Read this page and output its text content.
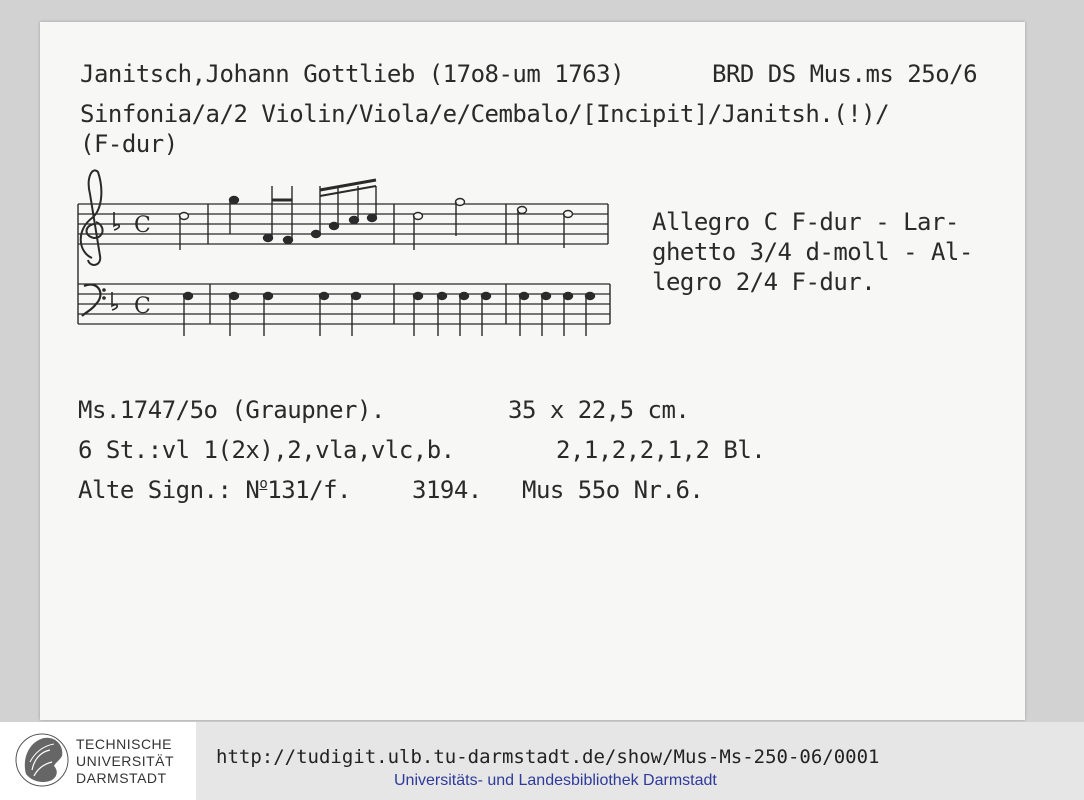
Janitsch,Johann Gottlieb (17o8-um 1763)	BRD DS Mus.ms 25o/6
Sinfonia/a/2 Violin/Viola/e/Cembalo/[Incipit]/Janitsh.(!)/
(F-dur)
C
C
Allegro C F-dur - Lar-
ghetto 3/4 d-moll - Al-
legro 2/4 F-dur.
Ms.1747/5o (Graupner).	35 x 22,5 cm.
6 St.:vl 1(2x),2,vla,vlc,b.	2,1,2,2,1,2 Bl.
Alte Sign.: $N^o131/f$.	3194. Mus 55o Nr.6.
TECHNISCHE
UNIVERSITÄT
DARMSTADT
http://tudigit.ulb.tu-darmstadt.de/show/Mus-Ms-250-06/0001
Universitäts- und Landesbibliothek Darmstadt
